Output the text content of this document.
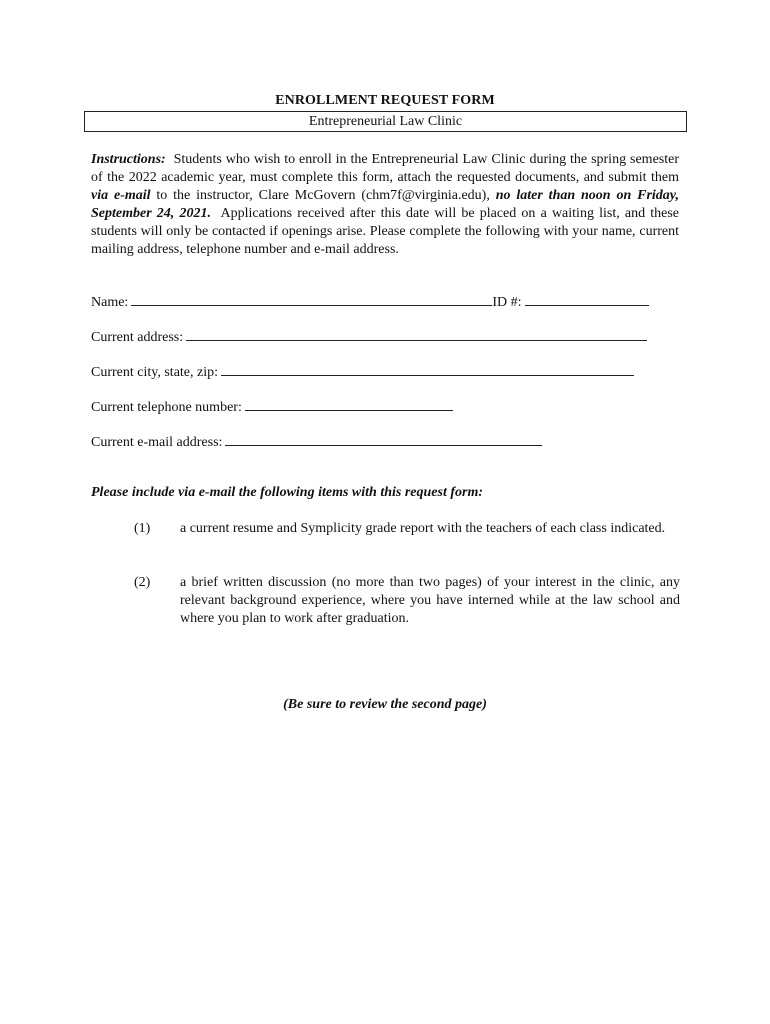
ENROLLMENT REQUEST FORM
Entrepreneurial Law Clinic
Instructions: Students who wish to enroll in the Entrepreneurial Law Clinic during the spring semester of the 2022 academic year, must complete this form, attach the requested documents, and submit them via e-mail to the instructor, Clare McGovern (chm7f@virginia.edu), no later than noon on Friday, September 24, 2021. Applications received after this date will be placed on a waiting list, and these students will only be contacted if openings arise. Please complete the following with your name, current mailing address, telephone number and e-mail address.
Name:	ID #:
Current address:
Current city, state, zip:
Current telephone number:
Current e-mail address:
Please include via e-mail the following items with this request form:
(1) a current resume and Symplicity grade report with the teachers of each class indicated.
(2) a brief written discussion (no more than two pages) of your interest in the clinic, any relevant background experience, where you have interned while at the law school and where you plan to work after graduation.
(Be sure to review the second page)
